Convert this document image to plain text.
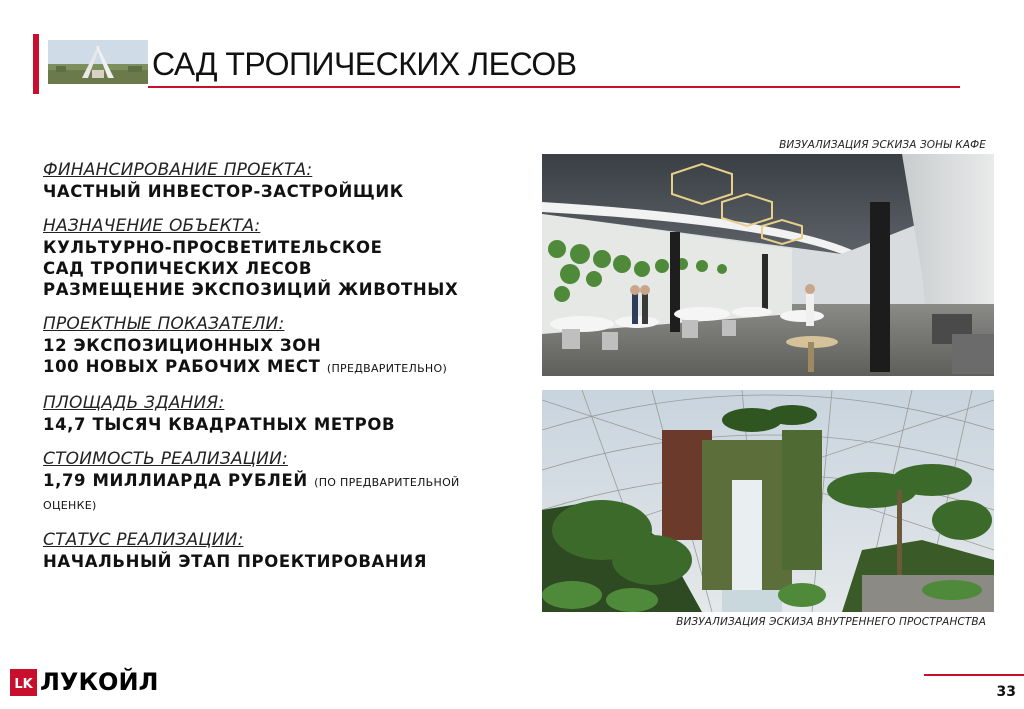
САД ТРОПИЧЕСКИХ ЛЕСОВ
ФИНАНСИРОВАНИЕ ПРОЕКТА:
ЧАСТНЫЙ ИНВЕСТОР-ЗАСТРОЙЩИК
НАЗНАЧЕНИЕ ОБЪЕКТА:
КУЛЬТУРНО-ПРОСВЕТИТЕЛЬСКОЕ
САД ТРОПИЧЕСКИХ ЛЕСОВ
РАЗМЕЩЕНИЕ ЭКСПОЗИЦИЙ ЖИВОТНЫХ
ПРОЕКТНЫЕ ПОКАЗАТЕЛИ:
12 ЭКСПОЗИЦИОННЫХ ЗОН
100 НОВЫХ РАБОЧИХ МЕСТ (ПРЕДВАРИТЕЛЬНО)
ПЛОЩАДЬ ЗДАНИЯ:
14,7 ТЫСЯЧ КВАДРАТНЫХ МЕТРОВ
СТОИМОСТЬ РЕАЛИЗАЦИИ:
1,79 МИЛЛИАРДА РУБЛЕЙ (ПО ПРЕДВАРИТЕЛЬНОЙ ОЦЕНКЕ)
СТАТУС РЕАЛИЗАЦИИ:
НАЧАЛЬНЫЙ ЭТАП ПРОЕКТИРОВАНИЯ
ВИЗУАЛИЗАЦИЯ ЭСКИЗА ЗОНЫ КАФЕ
ВИЗУАЛИЗАЦИЯ ЭСКИЗА ВНУТРЕННЕГО ПРОСТРАНСТВА
LK ЛУКОЙЛ	33
